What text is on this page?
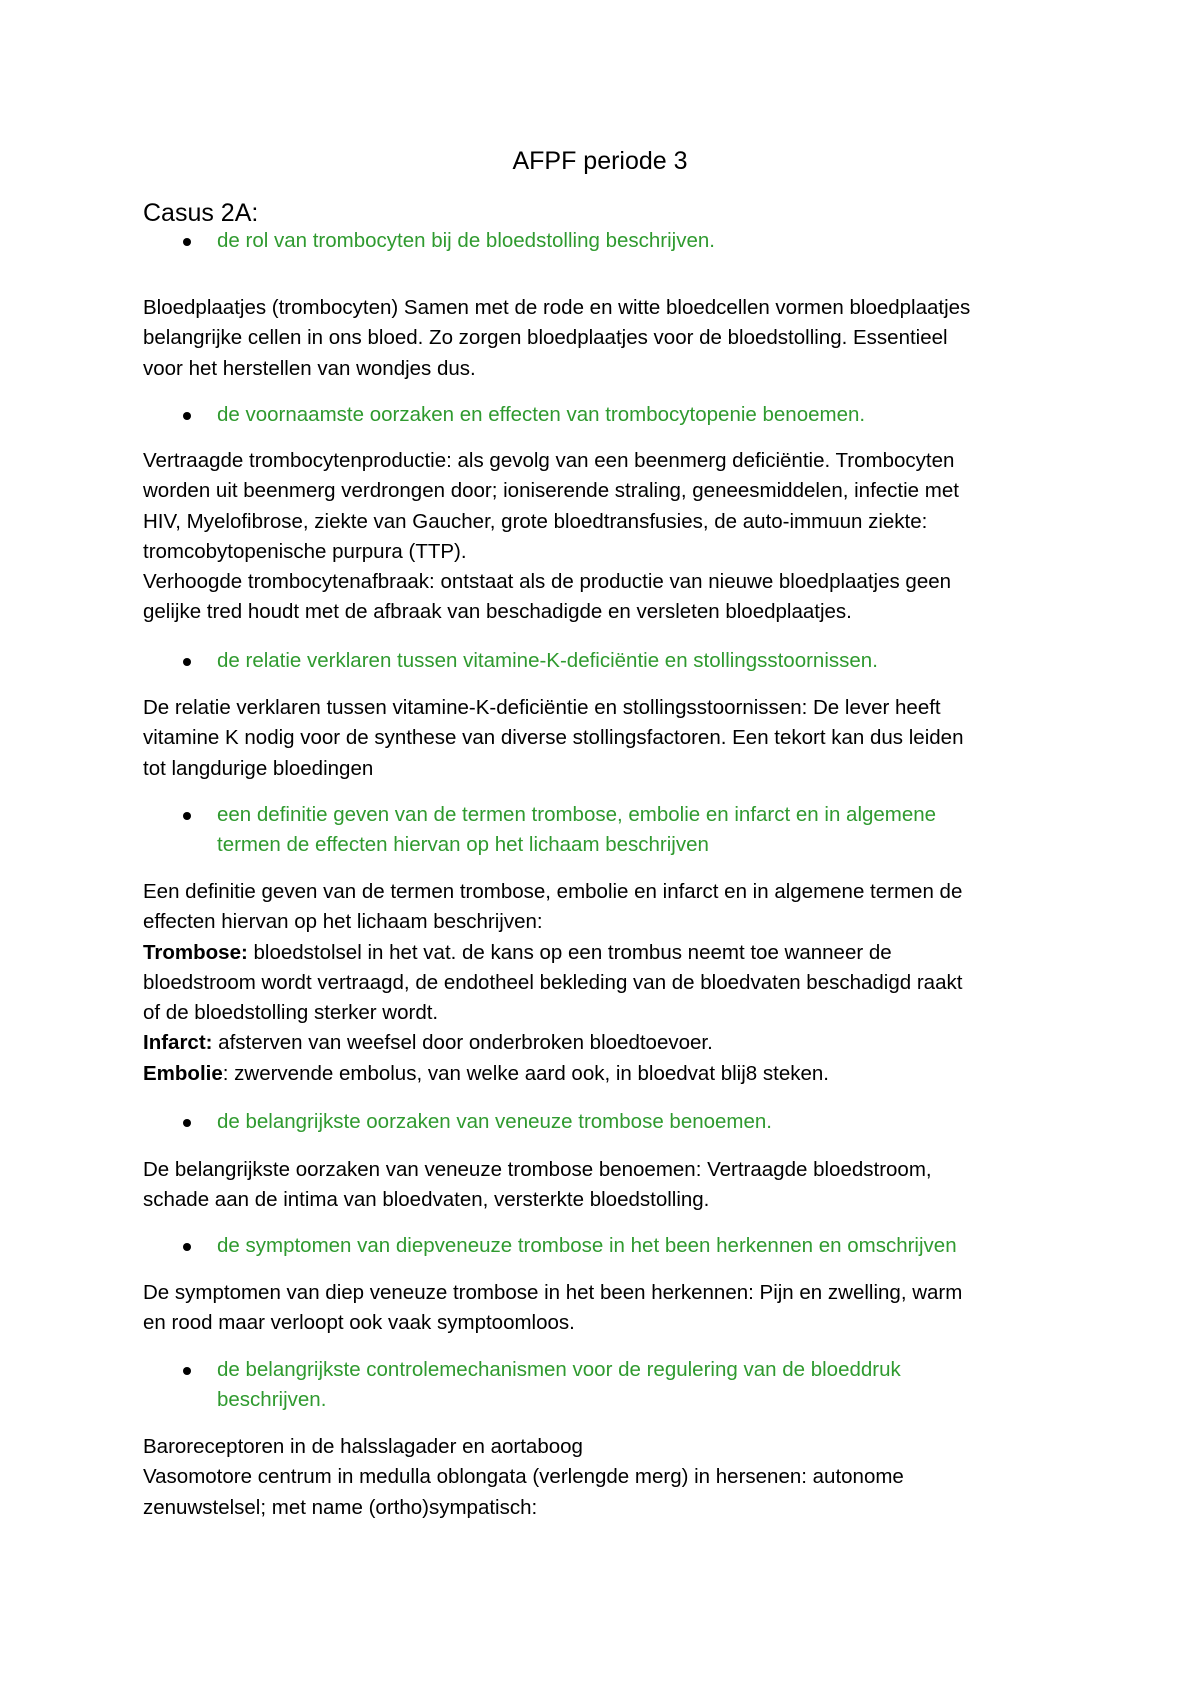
AFPF periode 3
Casus 2A:
de rol van trombocyten bij de bloedstolling beschrijven.
Bloedplaatjes (trombocyten) Samen met de rode en witte bloedcellen vormen bloedplaatjes
belangrijke cellen in ons bloed. Zo zorgen bloedplaatjes voor de bloedstolling. Essentieel
voor het herstellen van wondjes dus.
de voornaamste oorzaken en effecten van trombocytopenie benoemen.
Vertraagde trombocytenproductie: als gevolg van een beenmerg deficiëntie. Trombocyten
worden uit beenmerg verdrongen door; ioniserende straling, geneesmiddelen, infectie met
HIV, Myelofibrose, ziekte van Gaucher, grote bloedtransfusies, de auto-immuun ziekte:
tromcobytopenische purpura (TTP).
Verhoogde trombocytenafbraak: ontstaat als de productie van nieuwe bloedplaatjes geen
gelijke tred houdt met de afbraak van beschadigde en versleten bloedplaatjes.
de relatie verklaren tussen vitamine-K-deficiëntie en stollingsstoornissen.
De relatie verklaren tussen vitamine-K-deficiëntie en stollingsstoornissen: De lever heeft
vitamine K nodig voor de synthese van diverse stollingsfactoren. Een tekort kan dus leiden
tot langdurige bloedingen
een definitie geven van de termen trombose, embolie en infarct en in algemene
termen de effecten hiervan op het lichaam beschrijven
Een definitie geven van de termen trombose, embolie en infarct en in algemene termen de
effecten hiervan op het lichaam beschrijven:
Trombose: bloedstolsel in het vat. de kans op een trombus neemt toe wanneer de
bloedstroom wordt vertraagd, de endotheel bekleding van de bloedvaten beschadigd raakt
of de bloedstolling sterker wordt.
Infarct: afsterven van weefsel door onderbroken bloedtoevoer.
Embolie: zwervende embolus, van welke aard ook, in bloedvat blij8 steken.
de belangrijkste oorzaken van veneuze trombose benoemen.
De belangrijkste oorzaken van veneuze trombose benoemen: Vertraagde bloedstroom,
schade aan de intima van bloedvaten, versterkte bloedstolling.
de symptomen van diepveneuze trombose in het been herkennen en omschrijven
De symptomen van diep veneuze trombose in het been herkennen: Pijn en zwelling, warm
en rood maar verloopt ook vaak symptoomloos.
de belangrijkste controlemechanismen voor de regulering van de bloeddruk
beschrijven.
Baroreceptoren in de halsslagader en aortaboog
Vasomotore centrum in medulla oblongata (verlengde merg) in hersenen: autonome
zenuwstelsel; met name (ortho)sympatisch:
